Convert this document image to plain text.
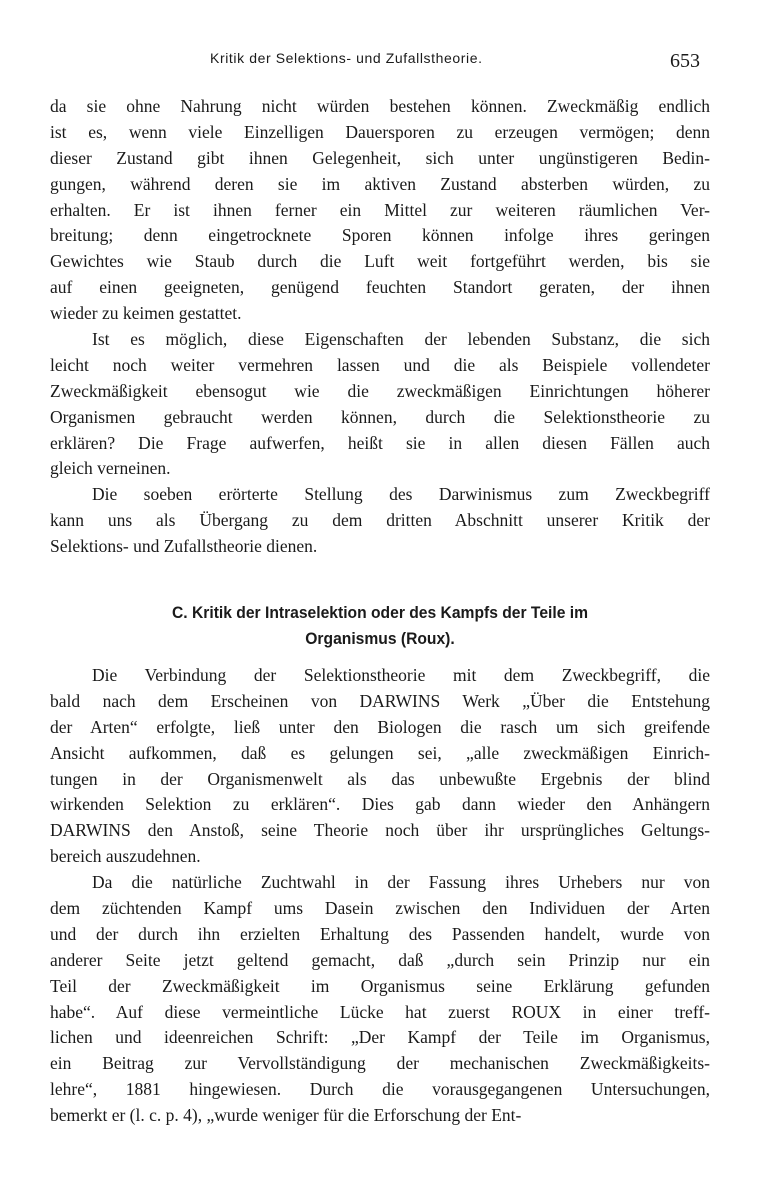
Kritik der Selektions- und Zufallstheorie.	653
da sie ohne Nahrung nicht würden bestehen können. Zweckmäßig endlich
ist es, wenn viele Einzelligen Dauersporen zu erzeugen vermögen; denn
dieser Zustand gibt ihnen Gelegenheit, sich unter ungünstigeren Bedin-
gungen, während deren sie im aktiven Zustand absterben würden, zu
erhalten. Er ist ihnen ferner ein Mittel zur weiteren räumlichen Ver-
breitung; denn eingetrocknete Sporen können infolge ihres geringen
Gewichtes wie Staub durch die Luft weit fortgeführt werden, bis sie
auf einen geeigneten, genügend feuchten Standort geraten, der ihnen
wieder zu keimen gestattet.
Ist es möglich, diese Eigenschaften der lebenden Substanz, die sich
leicht noch weiter vermehren lassen und die als Beispiele vollendeter
Zweckmäßigkeit ebensogut wie die zweckmäßigen Einrichtungen höherer
Organismen gebraucht werden können, durch die Selektionstheorie zu
erklären? Die Frage aufwerfen, heißt sie in allen diesen Fällen auch
gleich verneinen.
Die soeben erörterte Stellung des Darwinismus zum Zweckbegriff
kann uns als Übergang zu dem dritten Abschnitt unserer Kritik der
Selektions- und Zufallstheorie dienen.
C. Kritik der Intraselektion oder des Kampfs der Teile im
Organismus (Roux).
Die Verbindung der Selektionstheorie mit dem Zweckbegriff, die
bald nach dem Erscheinen von DARWINS Werk „Über die Entstehung
der Arten“ erfolgte, ließ unter den Biologen die rasch um sich greifende
Ansicht aufkommen, daß es gelungen sei, „alle zweckmäßigen Einrich-
tungen in der Organismenwelt als das unbewußte Ergebnis der blind
wirkenden Selektion zu erklären“. Dies gab dann wieder den Anhängern
DARWINS den Anstoß, seine Theorie noch über ihr ursprüngliches Geltungs-
bereich auszudehnen.
Da die natürliche Zuchtwahl in der Fassung ihres Urhebers nur von
dem züchtenden Kampf ums Dasein zwischen den Individuen der Arten
und der durch ihn erzielten Erhaltung des Passenden handelt, wurde von
anderer Seite jetzt geltend gemacht, daß „durch sein Prinzip nur ein
Teil der Zweckmäßigkeit im Organismus seine Erklärung gefunden
habe“. Auf diese vermeintliche Lücke hat zuerst ROUX in einer treff-
lichen und ideenreichen Schrift: „Der Kampf der Teile im Organismus,
ein Beitrag zur Vervollständigung der mechanischen Zweckmäßigkeits-
lehre“, 1881 hingewiesen. Durch die vorausgegangenen Untersuchungen,
bemerkt er (l. c. p. 4), „wurde weniger für die Erforschung der Ent-
